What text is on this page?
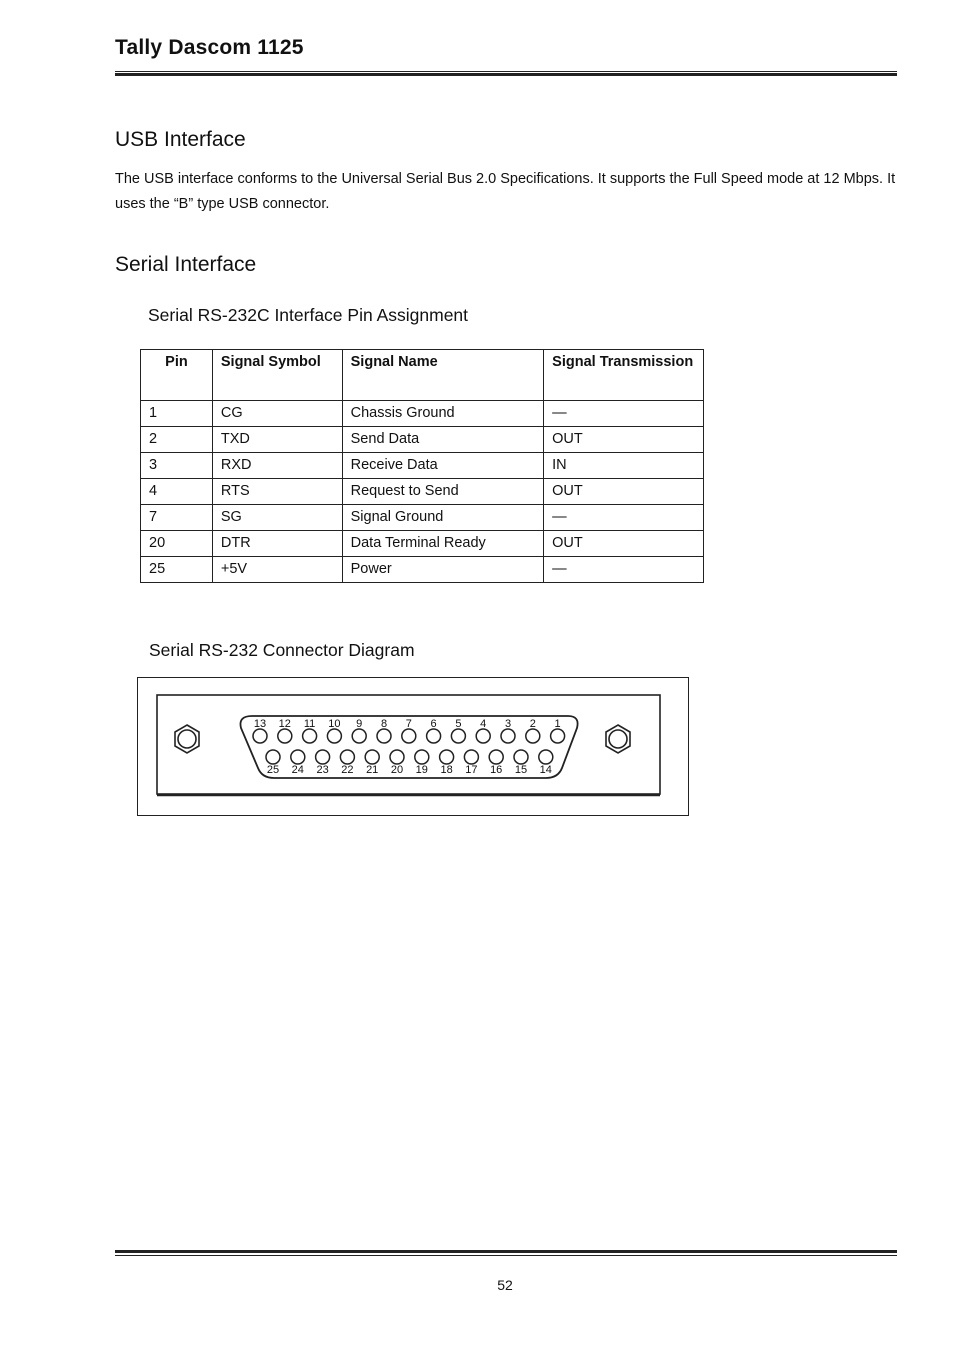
Tally Dascom 1125
USB Interface
The USB interface conforms to the Universal Serial Bus 2.0 Specifications. It supports the Full Speed mode at 12 Mbps. It uses the “B” type USB connector.
Serial Interface
Serial RS-232C Interface Pin Assignment
Pin	Signal Symbol	Signal Name	Signal Transmission
1	CG	Chassis Ground	—
2	TXD	Send Data	OUT
3	RXD	Receive Data	IN
4	RTS	Request to Send	OUT
7	SG	Signal Ground	—
20	DTR	Data Terminal Ready	OUT
25	+5V	Power	—
Serial RS-232 Connector Diagram
13 12 11 10 9 8 7 6 5 4 3 2 1
25 24 23 22 21 20 19 18 17 16 15 14
52
